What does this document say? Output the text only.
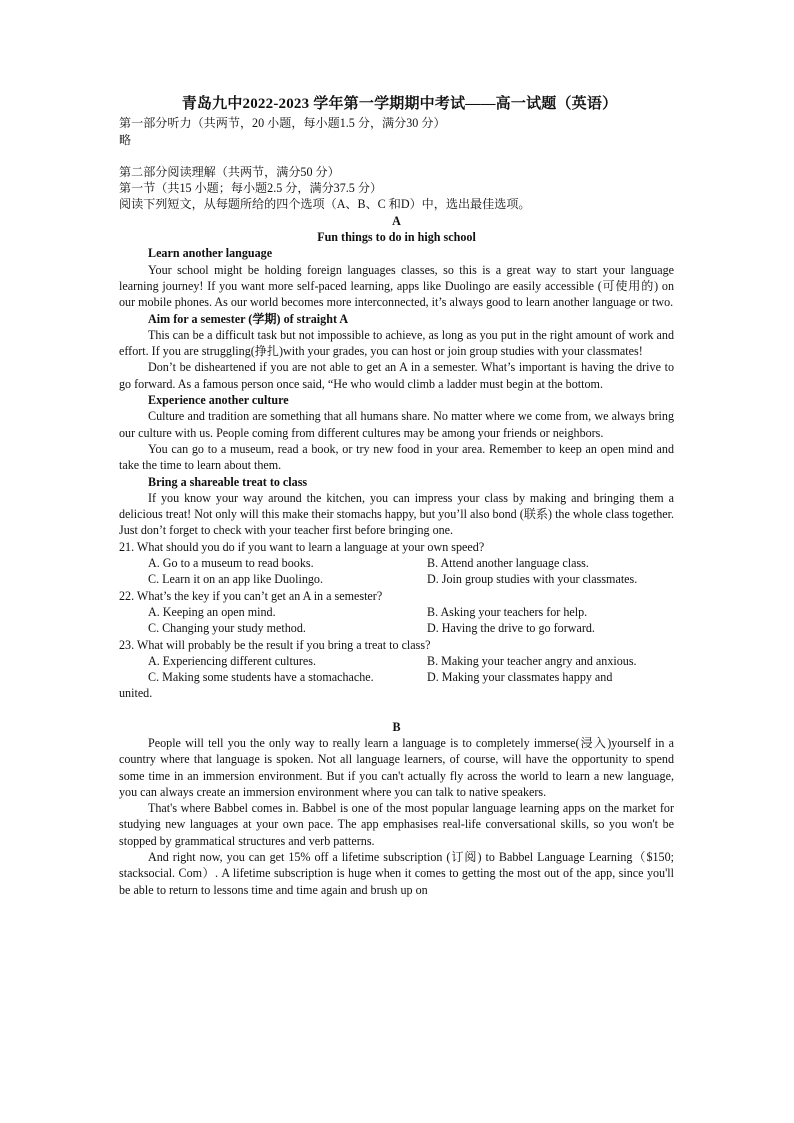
青岛九中2022-2023 学年第一学期期中考试——高一试题（英语）
第一部分听力（共两节，20 小题，每小题1.5 分，满分30 分）
略
第二部分阅读理解（共两节，满分50 分）
第一节（共15 小题；每小题2.5 分，满分37.5 分）
阅读下列短文，从每题所给的四个选项（A、B、C 和D）中，选出最佳选项。
A
Fun things to do in high school
Learn another language
Your school might be holding foreign languages classes, so this is a great way to start your language learning journey! If you want more self-paced learning, apps like Duolingo are easily accessible (可使用的) on our mobile phones. As our world becomes more interconnected, it’s always good to learn another language or two.
Aim for a semester (学期) of straight A
This can be a difficult task but not impossible to achieve, as long as you put in the right amount of work and effort. If you are struggling(挣扎)with your grades, you can host or join group studies with your classmates!
Don’t be disheartened if you are not able to get an A in a semester. What’s important is having the drive to go forward. As a famous person once said, “He who would climb a ladder must begin at the bottom.
Experience another culture
Culture and tradition are something that all humans share. No matter where we come from, we always bring our culture with us. People coming from different cultures may be among your friends or neighbors.
You can go to a museum, read a book, or try new food in your area. Remember to keep an open mind and take the time to learn about them.
Bring a shareable treat to class
If you know your way around the kitchen, you can impress your class by making and bringing them a delicious treat! Not only will this make their stomachs happy, but you’ll also bond (联系) the whole class together. Just don’t forget to check with your teacher first before bringing one.
21. What should you do if you want to learn a language at your own speed?
A. Go to a museum to read books.	B. Attend another language class.
C. Learn it on an app like Duolingo.	D. Join group studies with your classmates.
22. What’s the key if you can’t get an A in a semester?
A. Keeping an open mind.	B. Asking your teachers for help.
C. Changing your study method.	D. Having the drive to go forward.
23. What will probably be the result if you bring a treat to class?
A. Experiencing different cultures.	B. Making your teacher angry and anxious.
C. Making some students have a stomachache.	D. Making your classmates happy and
united.
B
People will tell you the only way to really learn a language is to completely immerse(浸入)yourself in a country where that language is spoken. Not all language learners, of course, will have the opportunity to spend some time in an immersion environment. But if you can't actually fly across the world to learn a new language, you can always create an immersion environment where you can talk to native speakers.
That's where Babbel comes in. Babbel is one of the most popular language learning apps on the market for studying new languages at your own pace. The app emphasises real-life conversational skills, so you won't be stopped by grammatical structures and verb patterns.
And right now, you can get 15% off a lifetime subscription (订阅) to Babbel Language Learning（$150; stacksocial. Com）. A lifetime subscription is huge when it comes to getting the most out of the app, since you'll be able to return to lessons time and time again and brush up on
